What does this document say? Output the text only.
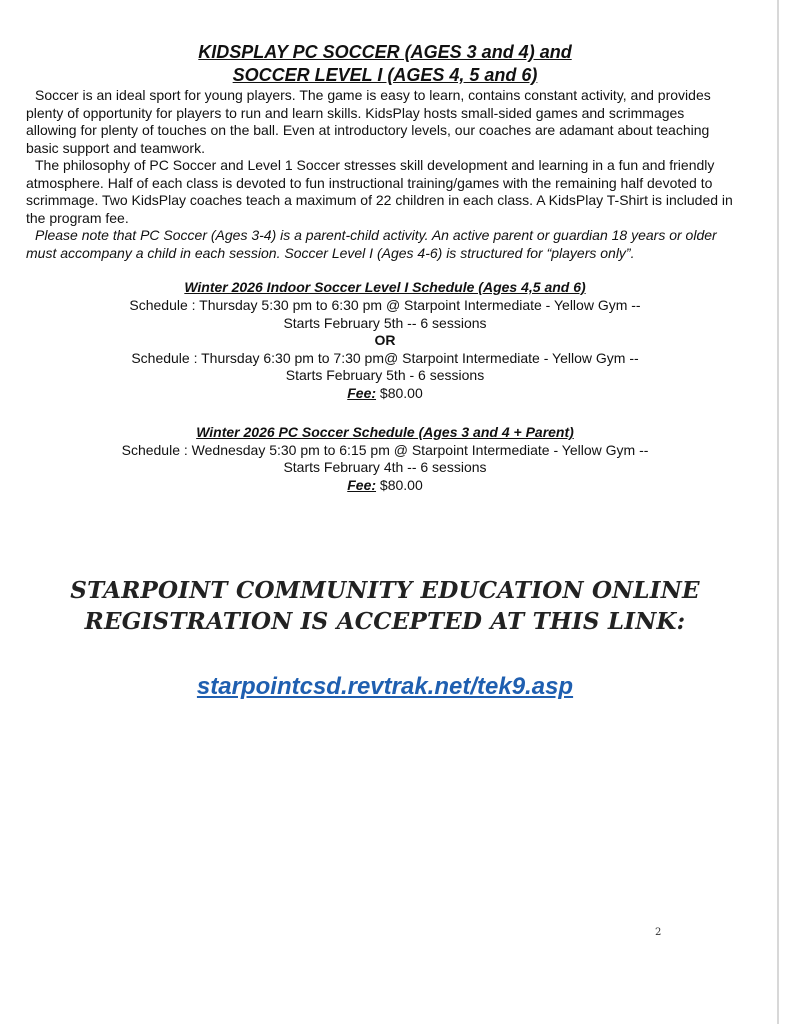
KIDSPLAY PC SOCCER (AGES 3 and 4) and
SOCCER LEVEL I (AGES 4, 5 and 6)

Soccer is an ideal sport for young players. The game is easy to learn, contains constant activity, and provides plenty of opportunity for players to run and learn skills. KidsPlay hosts small-sided games and scrimmages allowing for plenty of touches on the ball. Even at introductory levels, our coaches are adamant about teaching basic support and teamwork.

The philosophy of PC Soccer and Level 1 Soccer stresses skill development and learning in a fun and friendly atmosphere. Half of each class is devoted to fun instructional training/games with the remaining half devoted to scrimmage. Two KidsPlay coaches teach a maximum of 22 children in each class. A KidsPlay T-Shirt is included in the program fee.

Please note that PC Soccer (Ages 3-4) is a parent-child activity. An active parent or guardian 18 years or older must accompany a child in each session. Soccer Level I (Ages 4-6) is structured for “players only”.

Winter 2026 Indoor Soccer Level I Schedule (Ages 4,5 and 6)
Schedule : Thursday 5:30 pm to 6:30 pm @ Starpoint Intermediate - Yellow Gym --
Starts February 5th -- 6 sessions
OR
Schedule : Thursday 6:30 pm to 7:30 pm@ Starpoint Intermediate - Yellow Gym --
Starts February 5th - 6 sessions
Fee: $80.00
Winter 2026 PC Soccer Schedule (Ages 3 and 4 + Parent)
Schedule : Wednesday 5:30 pm to 6:15 pm @ Starpoint Intermediate - Yellow Gym --
Starts February 4th -- 6 sessions
Fee: $80.00
STARPOINT COMMUNITY EDUCATION ONLINE
REGISTRATION IS ACCEPTED AT THIS LINK:
starpointcsd.revtrak.net/tek9.asp
2
